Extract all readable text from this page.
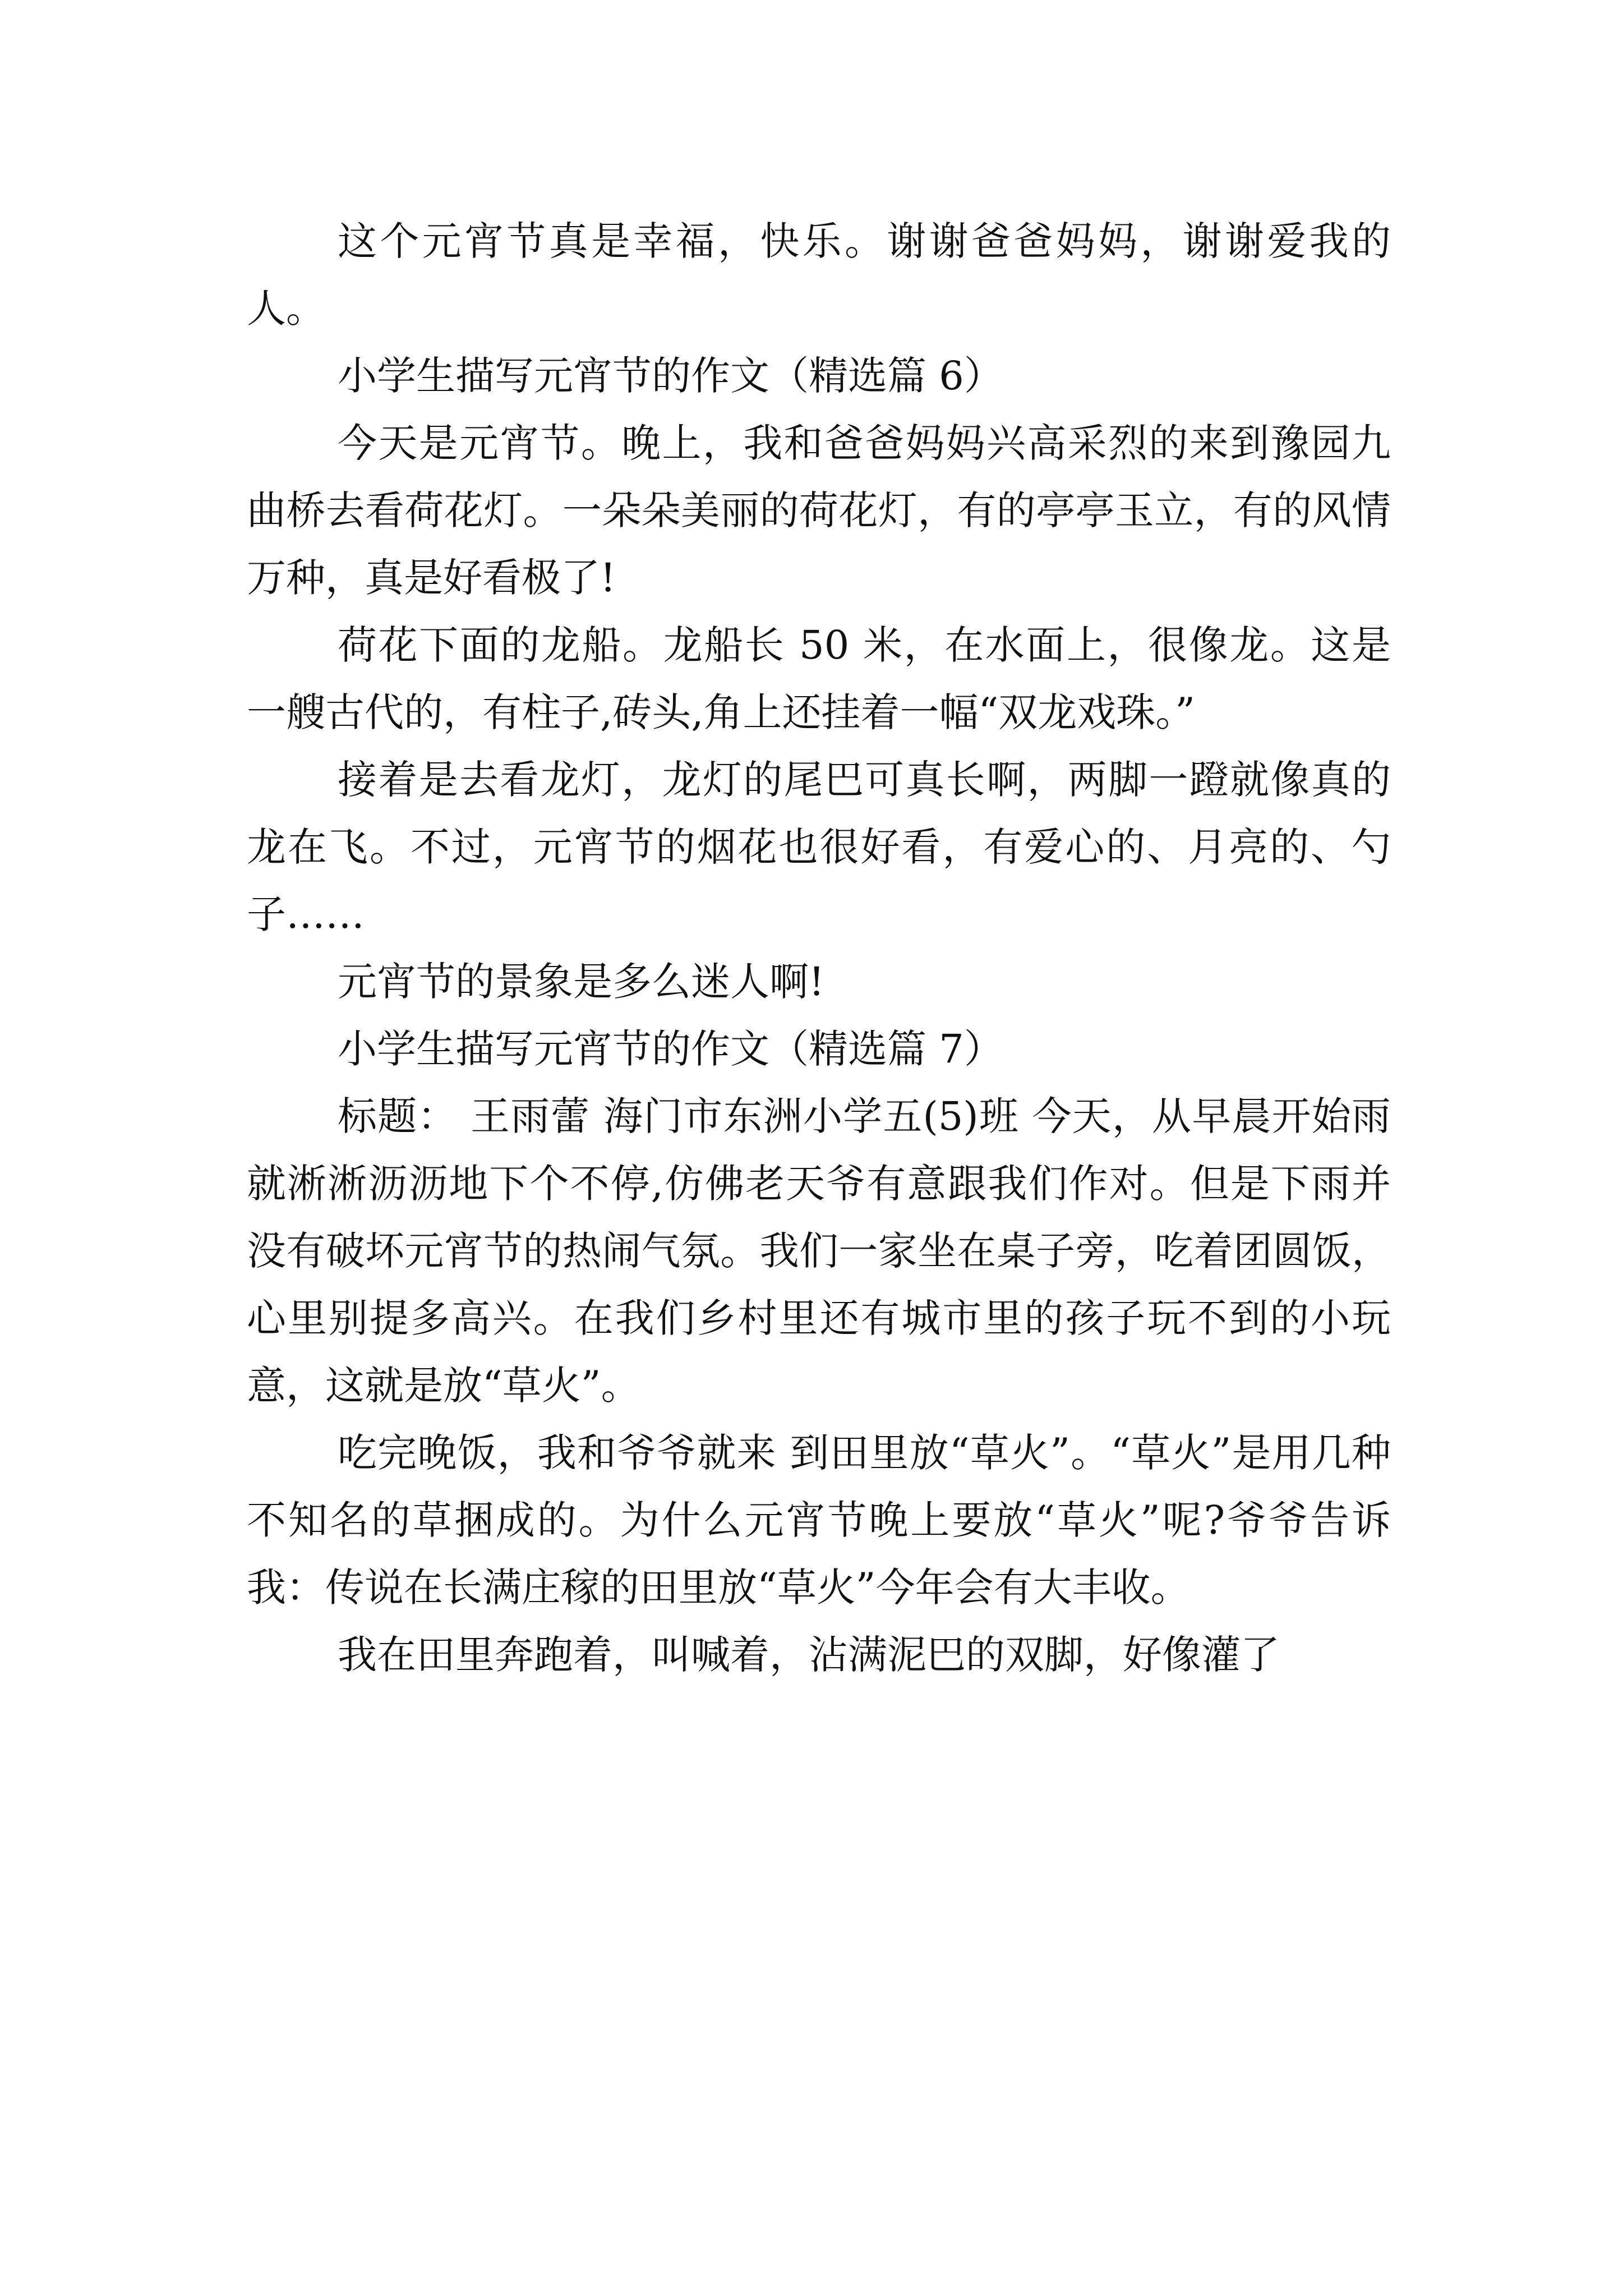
这个元宵节真是幸福，快乐。谢谢爸爸妈妈，谢谢爱我的人。

小学生描写元宵节的作文（精选篇 6）

今天是元宵节。晚上，我和爸爸妈妈兴高采烈的来到豫园九曲桥去看荷花灯。一朵朵美丽的荷花灯，有的亭亭玉立，有的风情万种，真是好看极了!

荷花下面的龙船。龙船长 50 米，在水面上，很像龙。这是一艘古代的，有柱子,砖头,角上还挂着一幅“双龙戏珠。”

接着是去看龙灯，龙灯的尾巴可真长啊，两脚一蹬就像真的龙在飞。不过，元宵节的烟花也很好看，有爱心的、月亮的、勺子……

元宵节的景象是多么迷人啊!

小学生描写元宵节的作文（精选篇 7）

标题： 王雨蕾 海门市东洲小学五(5)班 今天，从早晨开始雨就淅淅沥沥地下个不停,仿佛老天爷有意跟我们作对。但是下雨并没有破坏元宵节的热闹气氛。我们一家坐在桌子旁，吃着团圆饭，心里别提多高兴。在我们乡村里还有城市里的孩子玩不到的小玩意，这就是放“草火”。

吃完晚饭，我和爷爷就来 到田里放“草火”。“草火”是用几种不知名的草捆成的。为什么元宵节晚上要放“草火”呢?爷爷告诉我：传说在长满庄稼的田里放“草火”今年会有大丰收。

我在田里奔跑着，叫喊着，沾满泥巴的双脚，好像灌了
